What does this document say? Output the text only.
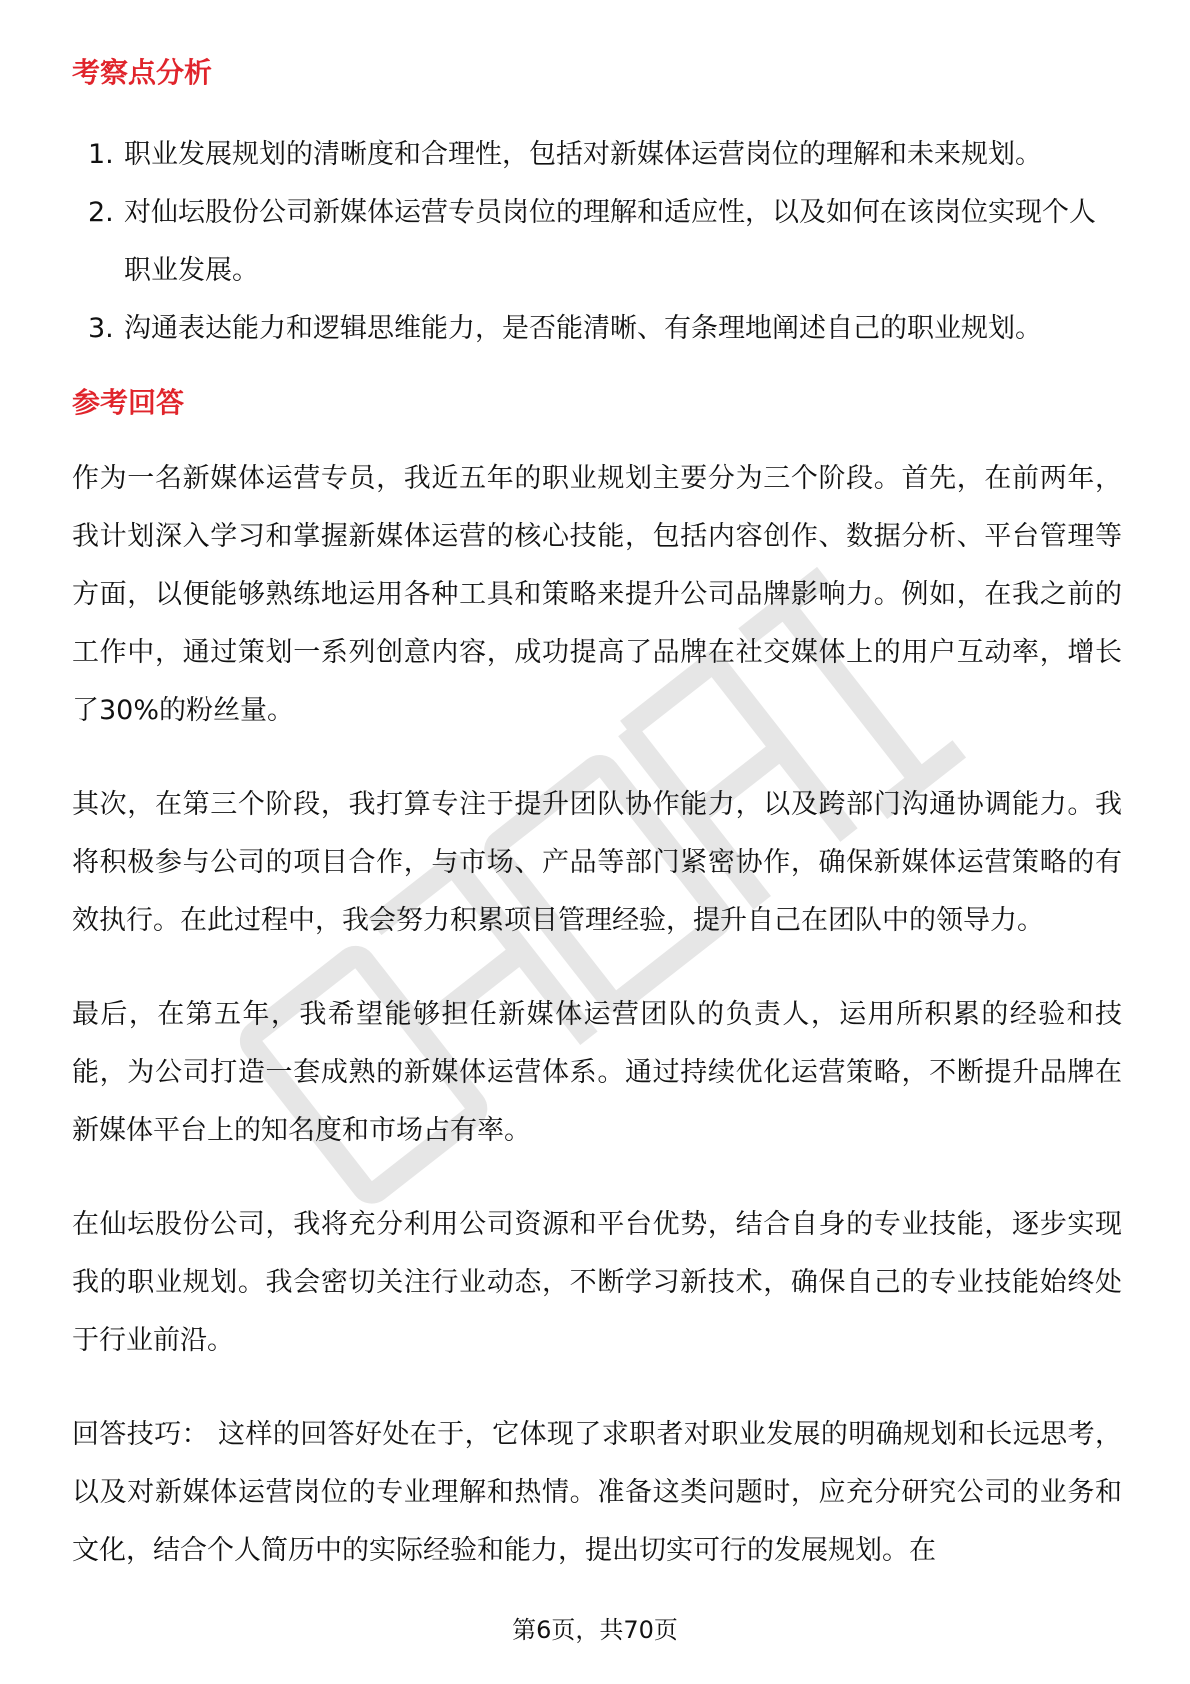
考察点分析
1. 职业发展规划的清晰度和合理性，包括对新媒体运营岗位的理解和未来规划。
2. 对仙坛股份公司新媒体运营专员岗位的理解和适应性，以及如何在该岗位实现个人职业发展。
3. 沟通表达能力和逻辑思维能力，是否能清晰、有条理地阐述自己的职业规划。
参考回答

作为一名新媒体运营专员，我近五年的职业规划主要分为三个阶段。首先，在前两年，我计划深入学习和掌握新媒体运营的核心技能，包括内容创作、数据分析、平台管理等方面，以便能够熟练地运用各种工具和策略来提升公司品牌影响力。例如，在我之前的工作中，通过策划一系列创意内容，成功提高了品牌在社交媒体上的用户互动率，增长了30%的粉丝量。

其次，在第三个阶段，我打算专注于提升团队协作能力，以及跨部门沟通协调能力。我将积极参与公司的项目合作，与市场、产品等部门紧密协作，确保新媒体运营策略的有效执行。在此过程中，我会努力积累项目管理经验，提升自己在团队中的领导力。

最后，在第五年，我希望能够担任新媒体运营团队的负责人，运用所积累的经验和技能，为公司打造一套成熟的新媒体运营体系。通过持续优化运营策略，不断提升品牌在新媒体平台上的知名度和市场占有率。

在仙坛股份公司，我将充分利用公司资源和平台优势，结合自身的专业技能，逐步实现我的职业规划。我会密切关注行业动态，不断学习新技术，确保自己的专业技能始终处于行业前沿。

回答技巧： 这样的回答好处在于，它体现了求职者对职业发展的明确规划和长远思考，以及对新媒体运营岗位的专业理解和热情。准备这类问题时，应充分研究公司的业务和文化，结合个人简历中的实际经验和能力，提出切实可行的发展规划。在

第6页，共70页
